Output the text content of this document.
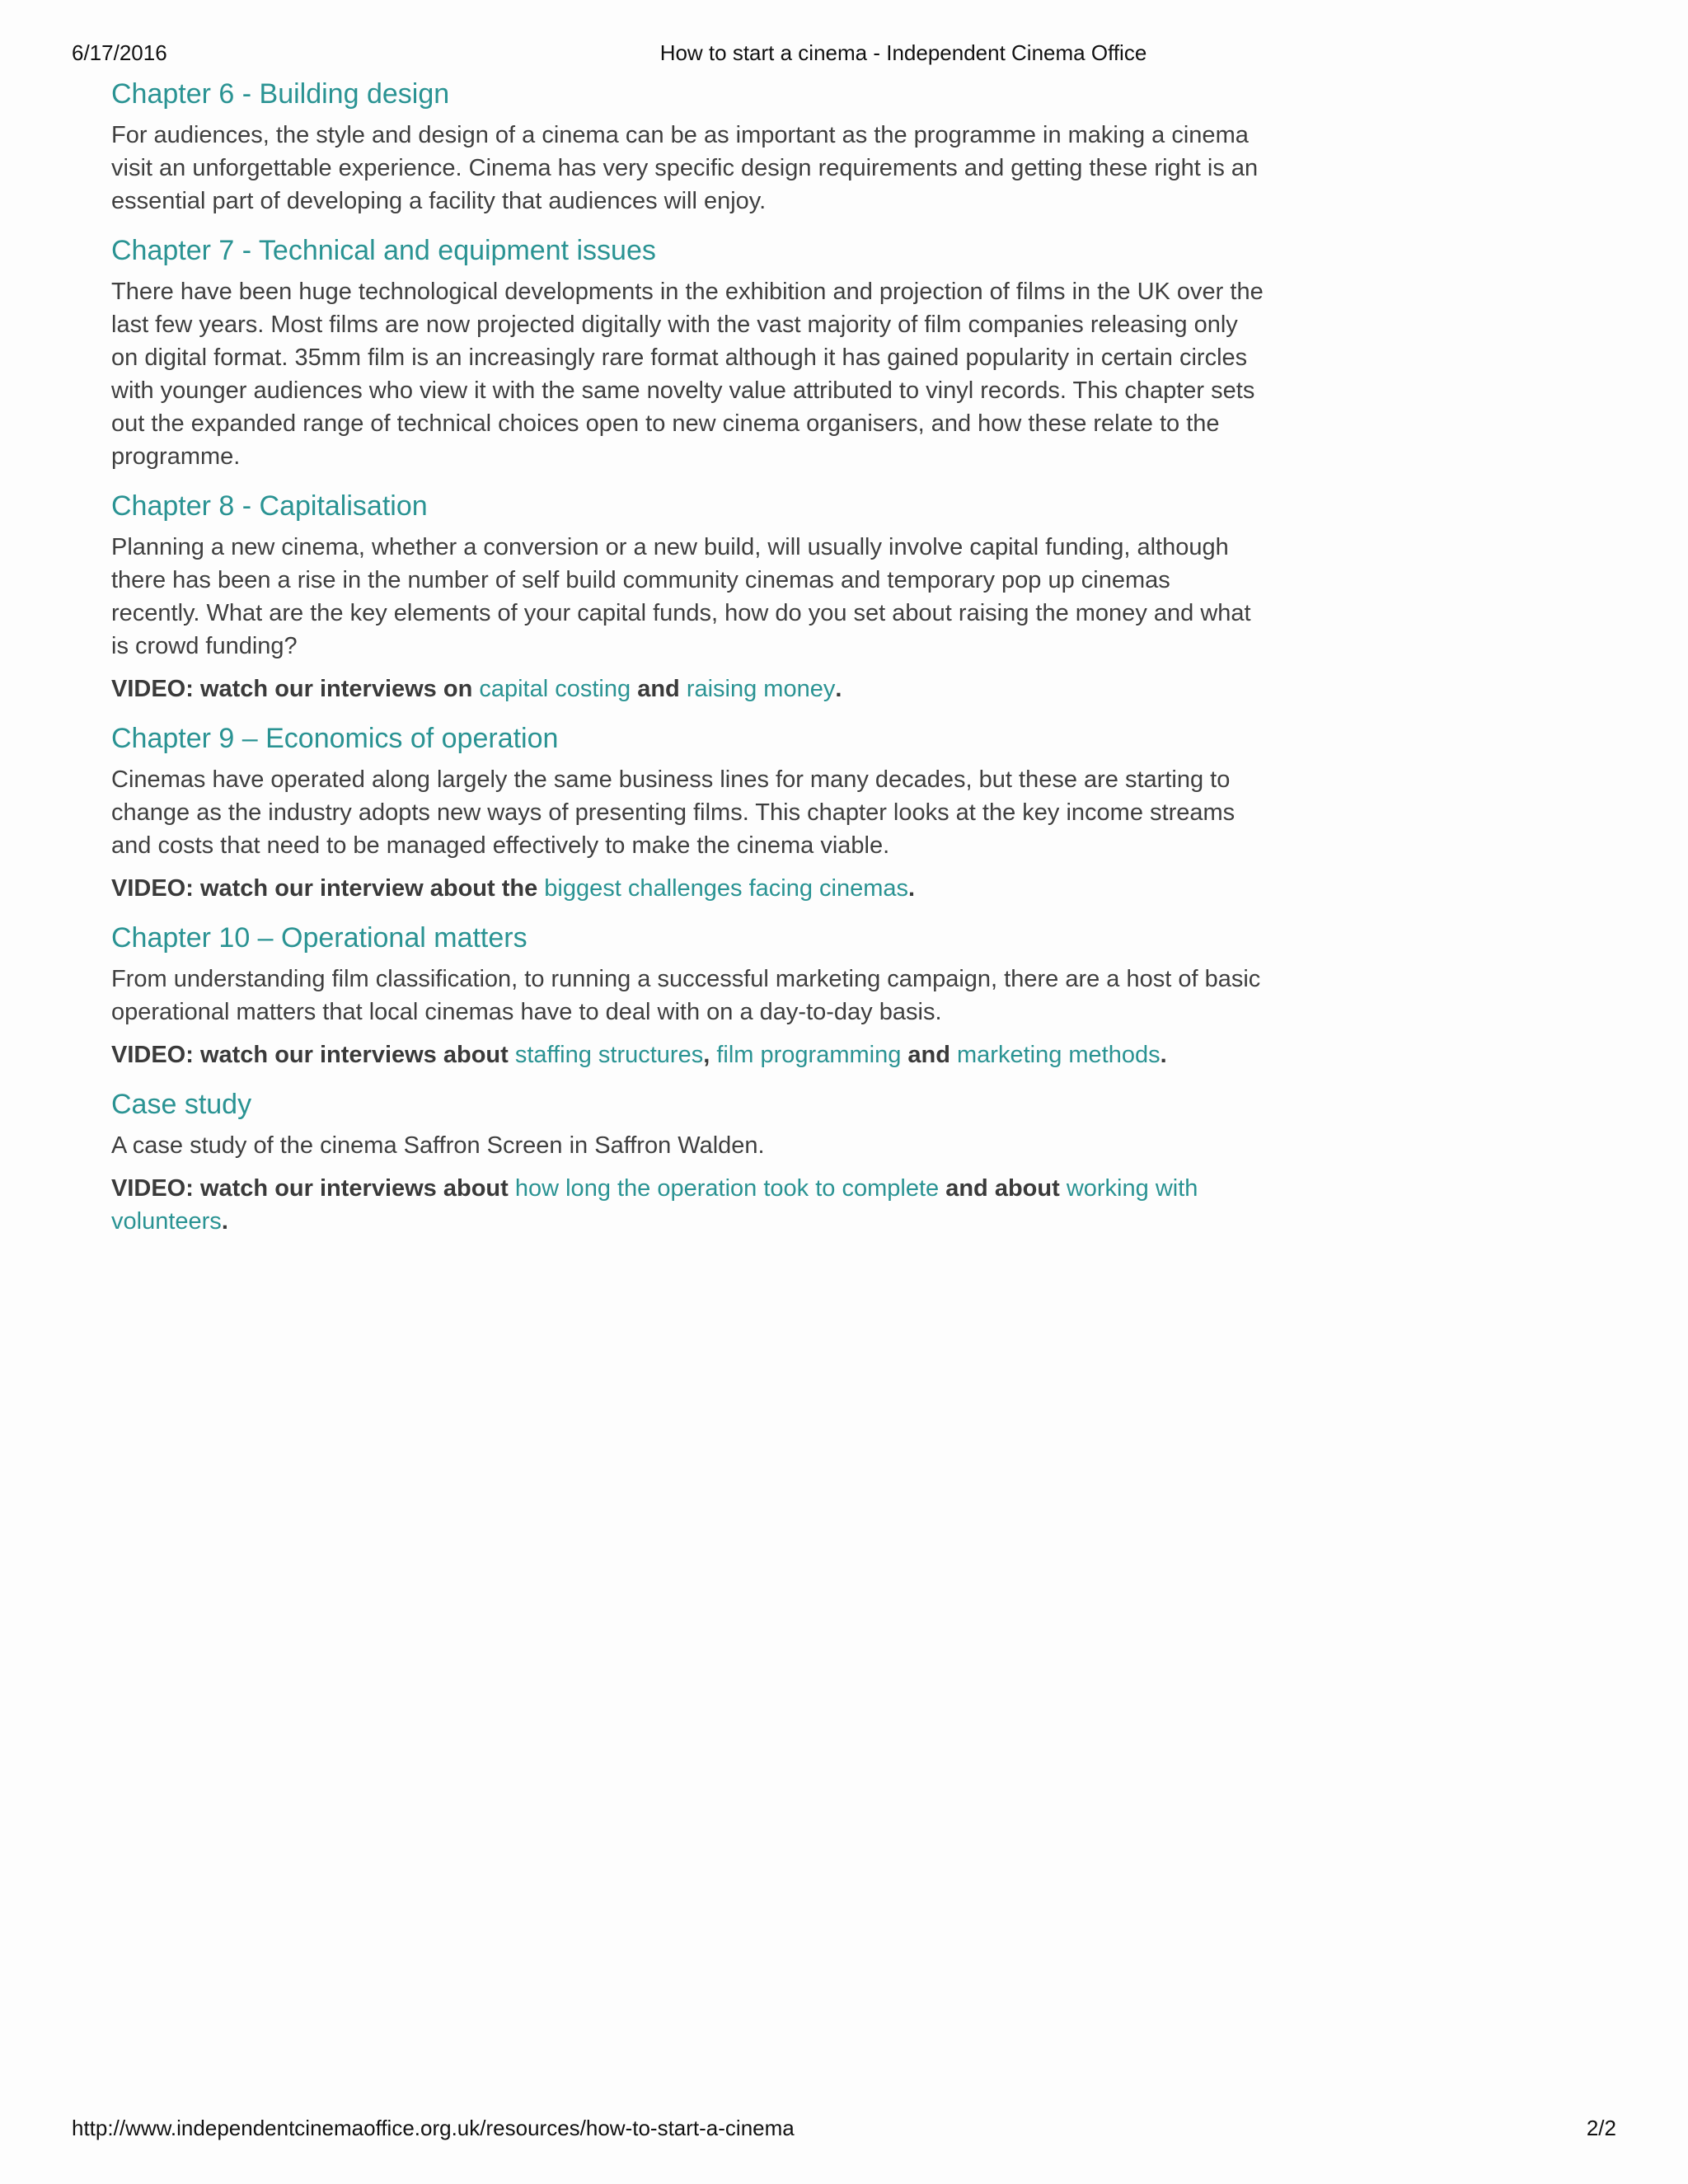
6/17/2016	How to start a cinema - Independent Cinema Office
Chapter 6 - Building design

For audiences, the style and design of a cinema can be as important as the programme in making a cinema visit an unforgettable experience. Cinema has very specific design requirements and getting these right is an essential part of developing a facility that audiences will enjoy.

Chapter 7 - Technical and equipment issues

There have been huge technological developments in the exhibition and projection of films in the UK over the last few years. Most films are now projected digitally with the vast majority of film companies releasing only on digital format. 35mm film is an increasingly rare format although it has gained popularity in certain circles with younger audiences who view it with the same novelty value attributed to vinyl records. This chapter sets out the expanded range of technical choices open to new cinema organisers, and how these relate to the programme.

Chapter 8 - Capitalisation

Planning a new cinema, whether a conversion or a new build, will usually involve capital funding, although there has been a rise in the number of self build community cinemas and temporary pop up cinemas recently. What are the key elements of your capital funds, how do you set about raising the money and what is crowd funding?

VIDEO: watch our interviews on capital costing and raising money.

Chapter 9 – Economics of operation

Cinemas have operated along largely the same business lines for many decades, but these are starting to change as the industry adopts new ways of presenting films. This chapter looks at the key income streams and costs that need to be managed effectively to make the cinema viable.

VIDEO: watch our interview about the biggest challenges facing cinemas.

Chapter 10 – Operational matters

From understanding film classification, to running a successful marketing campaign, there are a host of basic operational matters that local cinemas have to deal with on a day-to-day basis.

VIDEO: watch our interviews about staffing structures, film programming and marketing methods.

Case study

A case study of the cinema Saffron Screen in Saffron Walden.

VIDEO: watch our interviews about how long the operation took to complete and about working with volunteers.

http://www.independentcinemaoffice.org.uk/resources/how-to-start-a-cinema	2/2
